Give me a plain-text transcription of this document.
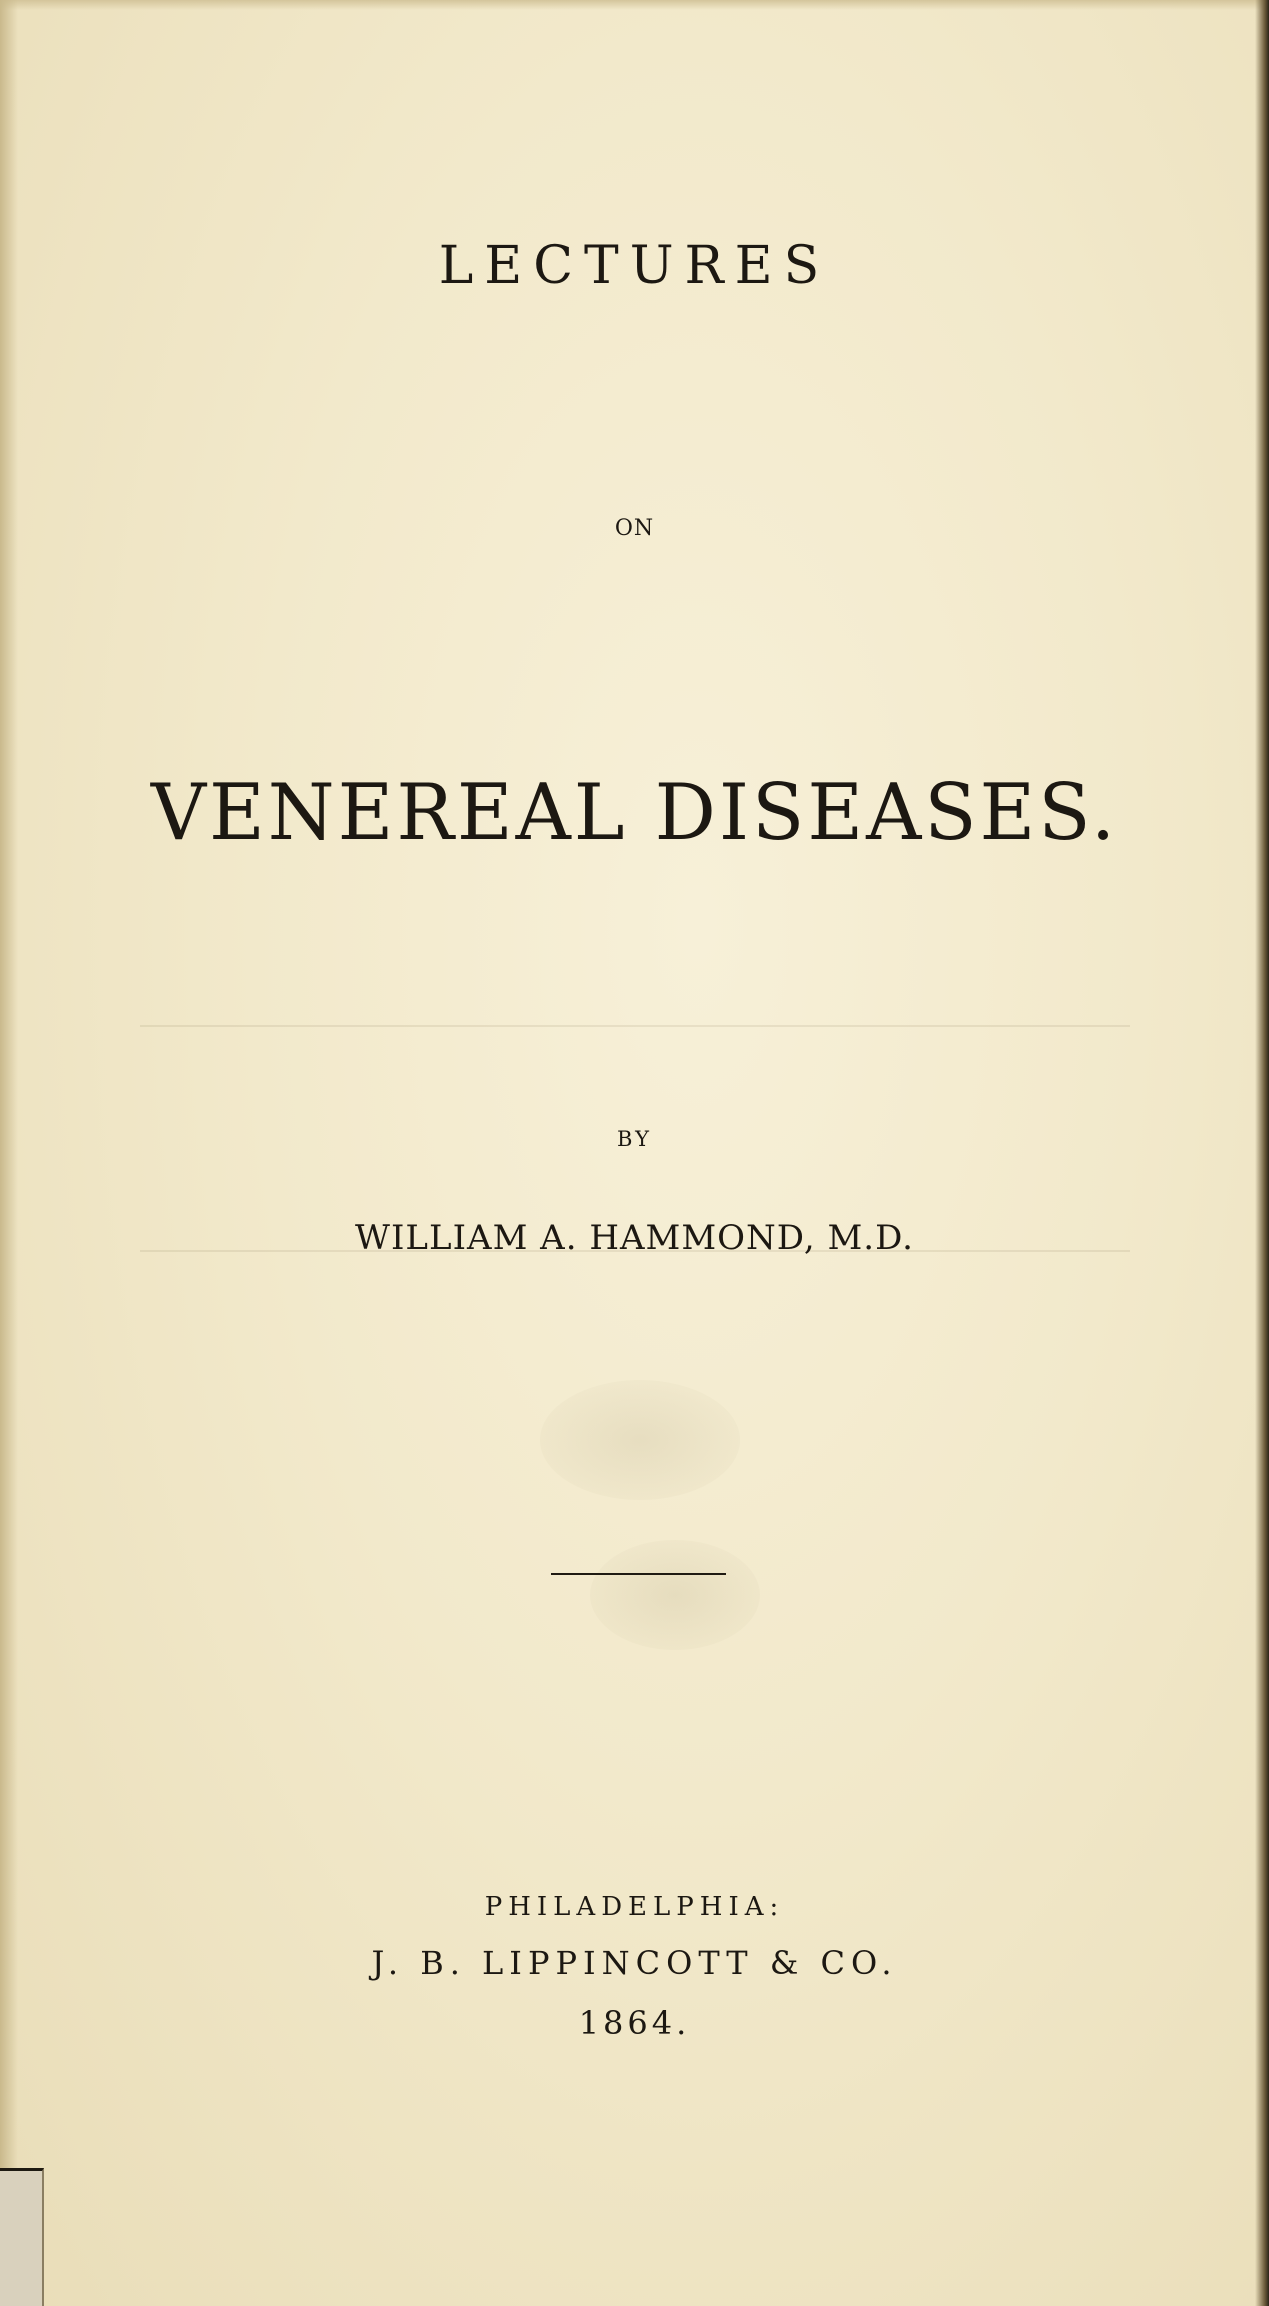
LECTURES
ON
VENEREAL DISEASES.
BY
WILLIAM A. HAMMOND, M.D.
PHILADELPHIA:
J. B. LIPPINCOTT & CO.
1864.
